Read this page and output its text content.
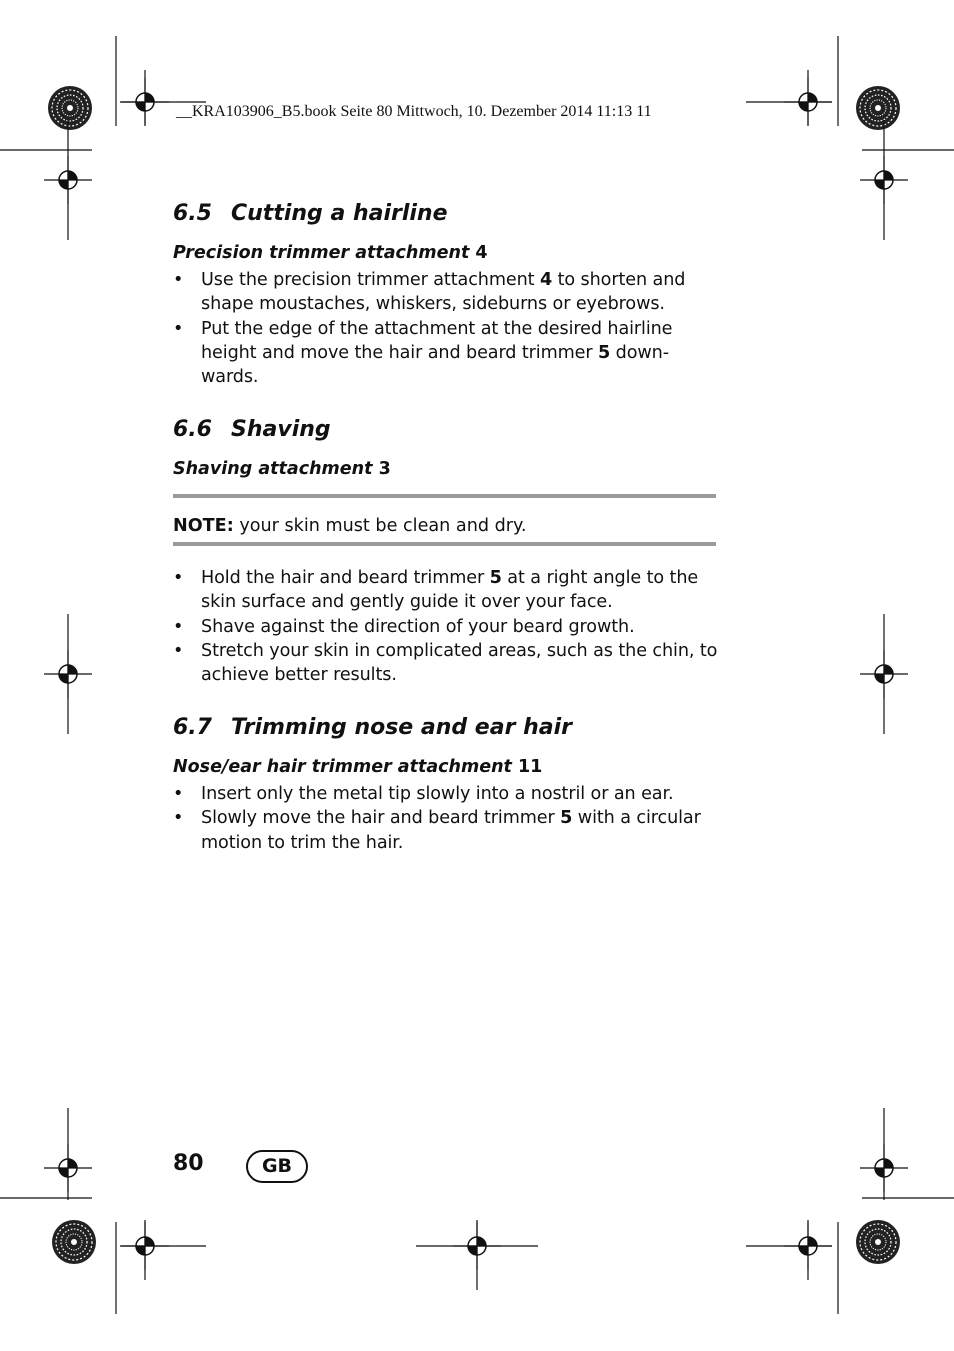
__KRA103906_B5.book Seite 80 Mittwoch, 10. Dezember 2014 11:13 11
6.5 Cutting a hairline

Precision trimmer attachment 4

• Use the precision trimmer attachment 4 to shorten and shape moustaches, whiskers, sideburns or eyebrows.
• Put the edge of the attachment at the desired hairline height and move the hair and beard trimmer 5 down-wards.
6.6 Shaving

Shaving attachment 3

NOTE: your skin must be clean and dry.

• Hold the hair and beard trimmer 5 at a right angle to the skin surface and gently guide it over your face.
• Shave against the direction of your beard growth.
• Stretch your skin in complicated areas, such as the chin, to achieve better results.
6.7 Trimming nose and ear hair

Nose/ear hair trimmer attachment 11

• Insert only the metal tip slowly into a nostril or an ear.
• Slowly move the hair and beard trimmer 5 with a circular motion to trim the hair.
80	GB
